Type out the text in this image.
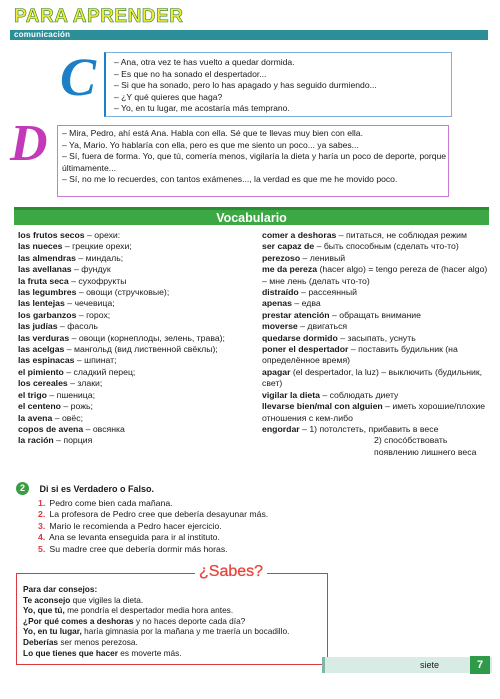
PARA APRENDER
comunicación
C	– Ana, otra vez te has vuelto a quedar dormida.
– Es que no ha sonado el despertador...
– Si que ha sonado, pero lo has apagado y has seguido durmiendo...
– ¿Y qué quieres que haga?
– Yo, en tu lugar, me acostaría más temprano.
D – Mira, Pedro, ahí está Ana. Habla con ella. Sé que te llevas muy bien con ella.
– Ya, Mario. Yo hablaría con ella, pero es que me siento un poco... ya sabes...
– Sí, fuera de forma. Yo, que tú, comería menos, vigilaría la dieta y haría un poco de deporte, porque últimamente...
– Sí, no me lo recuerdes, con tantos exámenes..., la verdad es que me he movido poco.
Vocabulario
los frutos secos – орехи:
las nueces – грецкие орехи;
las almendras – миндаль;
las avellanas – фундук
la fruta seca – сухофрукты
las legumbres – овощи (стручковые);
las lentejas – чечевица;
los garbanzos – горох;
las judías – фасоль
las verduras – овощи (корнеплоды, зелень, трава);
las acelgas – мангольд (вид лиственной свёклы);
las espinacas – шпинат;
el pimiento – сладкий перец;
los cereales – злаки;
el trigo – пшеница;
el centeno – рожь;
la avena – овёс;
copos de avena – овсянка
la ración – порция
comer a deshoras – питаться, не соблюдая режим
ser capaz de – быть способным (сделать что-то)
perezoso – ленивый
me da pereza (hacer algo) = tengo pereza de (hacer algo) – мне лень (делать что-то)
distraído – рассеянный
apenas – едва
prestar atención – обращать внимание
moverse – двигаться
quedarse dormido – засыпать, уснуть
poner el despertador – поставить будильник (на определённое время)
apagar (el despertador, la luz) – выключить (будильник, свет)
vigilar la dieta – соблюдать диету
llevarse bien/mal con alguien – иметь хорошие/плохие отношения с кем-либо
engordar – 1) потолстеть, прибавить в весе
2) спосóбствовать появлению лишнего веса
2 Di si es Verdadero o Falso.
1. Pedro come bien cada mañana.
2. La profesora de Pedro cree que debería desayunar más.
3. Mario le recomienda a Pedro hacer ejercicio.
4. Ana se levanta enseguida para ir al instituto.
5. Su madre cree que debería dormir más horas.
¿Sabes?
Para dar consejos:
Te aconsejo que vigiles la dieta.
Yo, que tú, me pondría el despertador media hora antes.
¿Por qué comes a deshoras y no haces deporte cada día?
Yo, en tu lugar, haría gimnasia por la mañana y me traería un bocadillo.
Deberías ser menos perezosa.
Lo que tienes que hacer es moverte más.
siete	7
